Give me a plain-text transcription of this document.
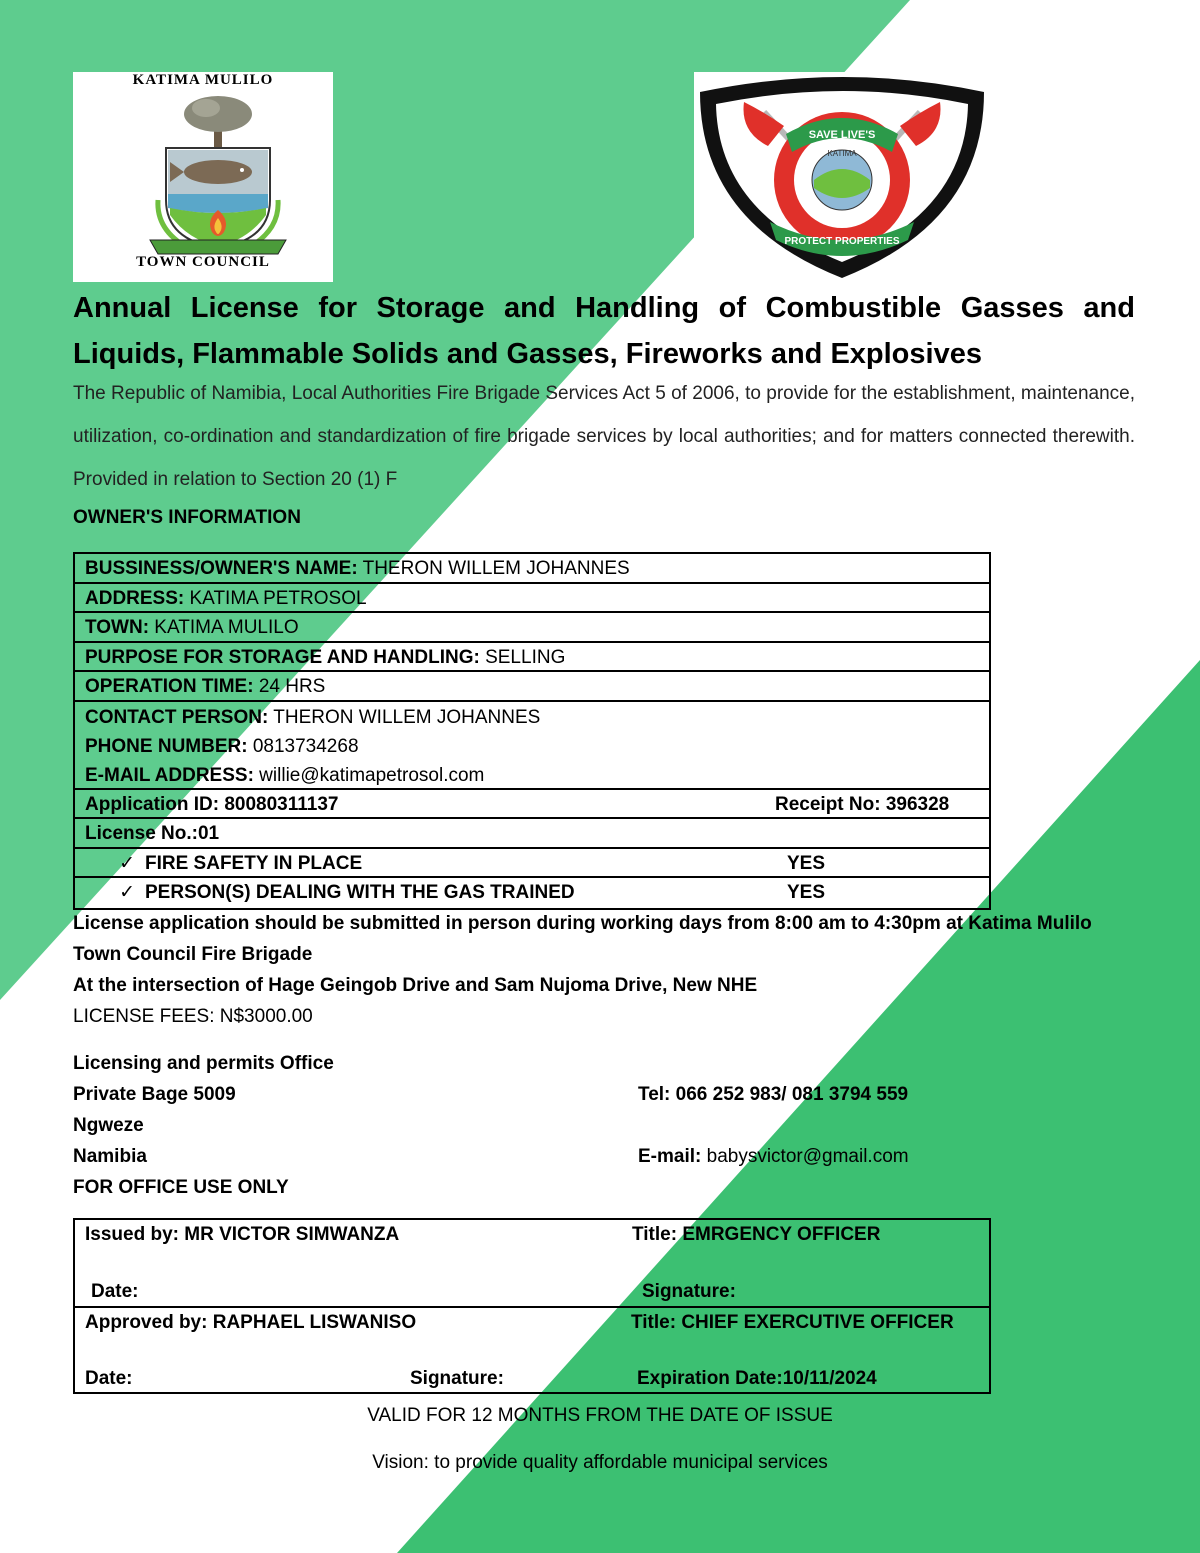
KATIMA MULILO
TOWN COUNCIL
SAVE LIVE'S
KATIMA
RESCUE
PROTECT PROPERTIES
Annual License for Storage and Handling of Combustible Gasses and Liquids, Flammable Solids and Gasses, Fireworks and Explosives
The Republic of Namibia, Local Authorities Fire Brigade Services Act 5 of 2006, to provide for the establishment, maintenance, utilization, co-ordination and standardization of fire brigade services by local authorities; and for matters connected therewith. Provided in relation to Section 20 (1) F
OWNER'S INFORMATION
BUSSINESS/OWNER'S NAME: THERON WILLEM JOHANNES
ADDRESS: KATIMA PETROSOL
TOWN: KATIMA MULILO
PURPOSE FOR STORAGE AND HANDLING: SELLING
OPERATION TIME: 24 HRS
CONTACT PERSON: THERON WILLEM JOHANNES
PHONE NUMBER: 0813734268
E-MAIL ADDRESS: willie@katimapetrosol.com
Application ID: 80080311137	Receipt No: 396328
License No.:01
✓ FIRE SAFETY IN PLACE	YES
✓ PERSON(S) DEALING WITH THE GAS TRAINED	YES
License application should be submitted in person during working days from 8:00 am to 4:30pm at Katima Mulilo Town Council Fire Brigade
At the intersection of Hage Geingob Drive and Sam Nujoma Drive, New NHE
LICENSE FEES: N$3000.00
Licensing and permits Office
Private Bage 5009
Ngweze
Namibia
FOR OFFICE USE ONLY
Tel: 066 252 983/ 081 3794 559
E-mail: babysvictor@gmail.com
Issued by: MR VICTOR SIMWANZA	Title: EMRGENCY OFFICER
Date:	Signature:
Approved by: RAPHAEL LISWANISO	Title: CHIEF EXERCUTIVE OFFICER
Date:	Signature:	Expiration Date:10/11/2024
VALID FOR 12 MONTHS FROM THE DATE OF ISSUE
Vision: to provide quality affordable municipal services
